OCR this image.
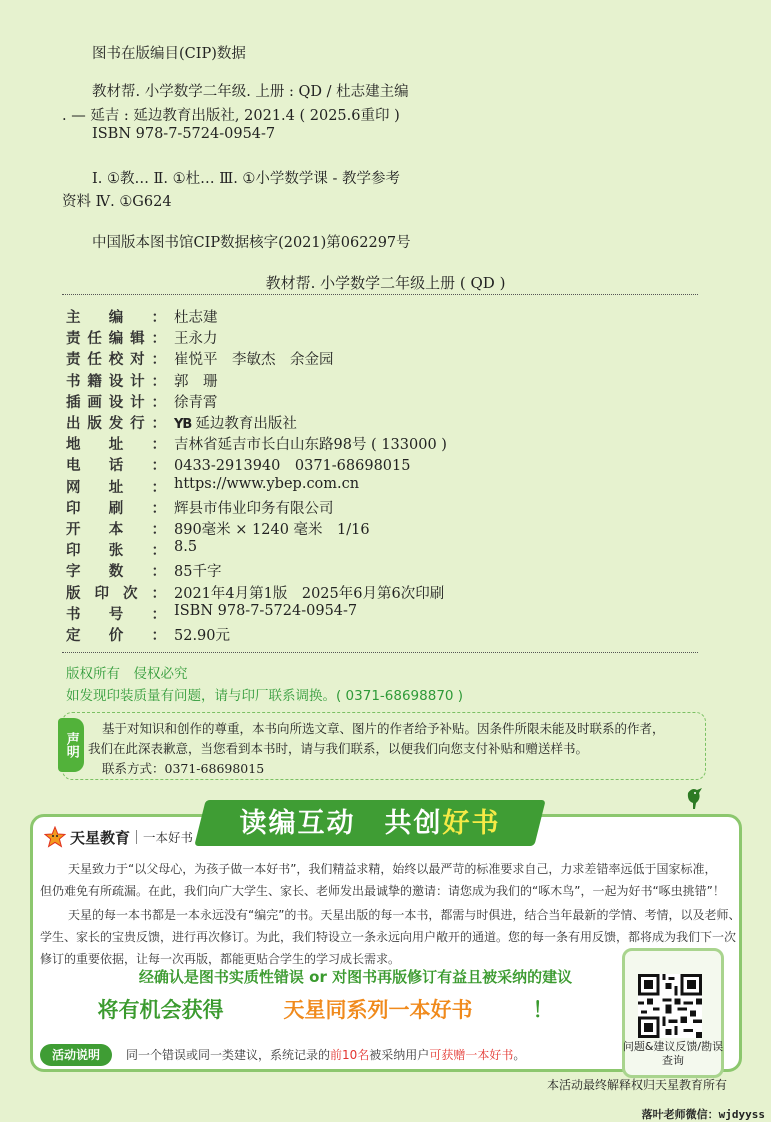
图书在版编目(CIP)数据
教材帮. 小学数学二年级. 上册 : QD / 杜志建主编
. — 延吉 : 延边教育出版社, 2021.4 ( 2025.6重印 )
ISBN 978-7-5724-0954-7
Ⅰ. ①教… Ⅱ. ①杜… Ⅲ. ①小学数学课 - 教学参考
资料 Ⅳ. ①G624
中国版本图书馆CIP数据核字(2021)第062297号
教材帮. 小学数学二年级上册 ( QD )
主 编 ： 杜志建
责 任 编 辑 ： 王永力
责 任 校 对 ： 崔悦平　李敏杰　余金园
书 籍 设 计 ： 郭　珊
插 画 设 计 ： 徐青霄
出 版 发 行 ： YB 延边教育出版社
地 址 ： 吉林省延吉市长白山东路98号 ( 133000 )
电 话 ： 0433-2913940　0371-68698015
网 址 ： https://www.ybep.com.cn
印 刷 ： 辉县市伟业印务有限公司
开 本 ： 890毫米 × 1240 毫米　1/16
印 张 ： 8.5
字 数 ： 85千字
版 印 次 ： 2021年4月第1版　2025年6月第6次印刷
书 号 ： ISBN 978-7-5724-0954-7
定 价 ： 52.90元
版权所有　侵权必究
如发现印装质量有问题，请与印厂联系调换。( 0371-68698870 )
声明
基于对知识和创作的尊重，本书向所选文章、图片的作者给予补贴。因条件所限未能及时联系的作者，
我们在此深表歉意，当您看到本书时，请与我们联系，以便我们向您支付补贴和赠送样书。
联系方式：0371-68698015
读编互动　共创好书
天星教育 一本好书
天星致力于“以父母心，为孩子做一本好书”，我们精益求精，始终以最严苛的标准要求自己，力求差错率远低于国家标准，
但仍难免有所疏漏。在此，我们向广大学生、家长、老师发出最诚挚的邀请：请您成为我们的“啄木鸟”，一起为好书“啄虫挑错”！
天星的每一本书都是一本永远没有“编完”的书。天星出版的每一本书，都需与时俱进，结合当年最新的学情、考情，以及老师、
学生、家长的宝贵反馈，进行再次修订。为此，我们特设立一条永远向用户敞开的通道。您的每一条有用反馈，都将成为我们下一次
修订的重要依据，让每一次再版，都能更贴合学生的学习成长需求。
经确认是图书实质性错误 or 对图书再版修订有益且被采纳的建议
将有机会获得	天星同系列一本好书	！
活动说明	同一个错误或同一类建议，系统记录的前10名被采纳用户可获赠一本好书。
问题&建议反馈/勘误查询
本活动最终解释权归天星教育所有
落叶老师微信：wjdyyss
